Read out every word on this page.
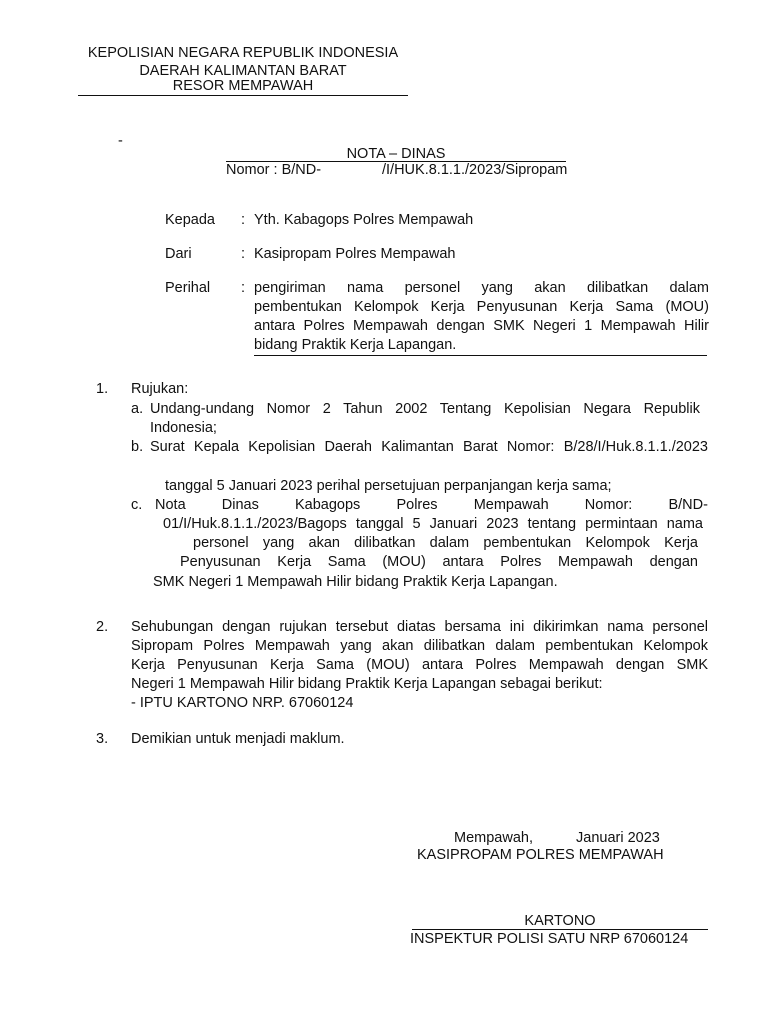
KEPOLISIAN NEGARA REPUBLIK INDONESIA
DAERAH KALIMANTAN BARAT
RESOR MEMPAWAH
-
NOTA – DINAS
Nomor : B/ND-	/I/HUK.8.1.1./2023/Sipropam
Kepada : Yth. Kabagops Polres Mempawah
Dari	: Kasipropam Polres Mempawah
Perihal : pengiriman nama personel yang akan dilibatkan dalam
pembentukan Kelompok Kerja Penyusunan Kerja Sama (MOU)
antara Polres Mempawah dengan SMK Negeri 1 Mempawah Hilir
bidang Praktik Kerja Lapangan.
1. Rujukan:
a. Undang-undang Nomor 2 Tahun 2002 Tentang Kepolisian Negara Republik
Indonesia;
b. Surat Kepala Kepolisian Daerah Kalimantan Barat Nomor: B/28/I/Huk.8.1.1./2023
tanggal 5 Januari 2023 perihal persetujuan perpanjangan kerja sama;
c. Nota Dinas Kabagops Polres Mempawah Nomor: B/ND-
01/I/Huk.8.1.1./2023/Bagops tanggal 5 Januari 2023 tentang permintaan nama
personel yang akan dilibatkan dalam pembentukan Kelompok Kerja
Penyusunan Kerja Sama (MOU) antara Polres Mempawah dengan
SMK Negeri 1 Mempawah Hilir bidang Praktik Kerja Lapangan.
2. Sehubungan dengan rujukan tersebut diatas bersama ini dikirimkan nama personel
Sipropam Polres Mempawah yang akan dilibatkan dalam pembentukan Kelompok
Kerja Penyusunan Kerja Sama (MOU) antara Polres Mempawah dengan SMK
Negeri 1 Mempawah Hilir bidang Praktik Kerja Lapangan sebagai berikut:
- IPTU KARTONO NRP. 67060124
3. Demikian untuk menjadi maklum.
Mempawah,	Januari 2023
KASIPROPAM POLRES MEMPAWAH
KARTONO
INSPEKTUR POLISI SATU NRP 67060124
